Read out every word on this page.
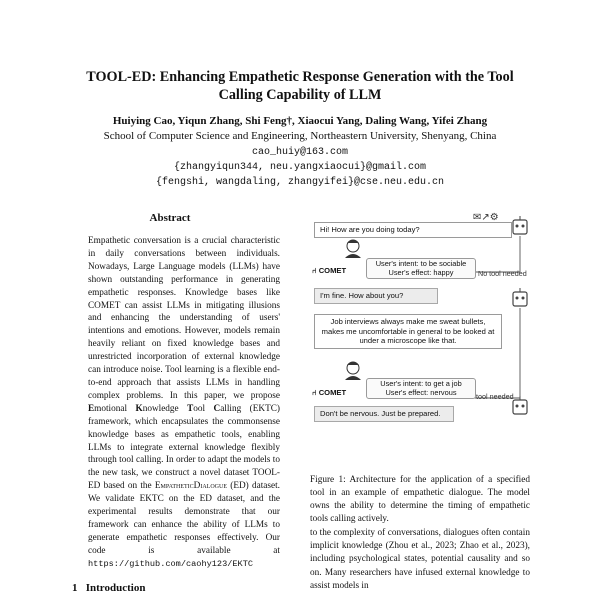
TOOL-ED: Enhancing Empathetic Response Generation with the Tool
Calling Capability of LLM
Huiying Cao, Yiqun Zhang, Shi Feng†, Xiaocui Yang, Daling Wang, Yifei Zhang
School of Computer Science and Engineering, Northeastern University, Shenyang, China
cao_huiy@163.com
{zhangyiqun344, neu.yangxiaocui}@gmail.com
{fengshi, wangdaling, zhangyifei}@cse.neu.edu.cn
Abstract

Empathetic conversation is a crucial characteristic in daily conversations between individuals. Nowadays, Large Language models (LLMs) have shown outstanding performance in generating empathetic responses. Knowledge bases like COMET can assist LLMs in mitigating illusions and enhancing the understanding of users' intentions and emotions. However, models remain heavily reliant on fixed knowledge bases and unrestricted incorporation of external knowledge can introduce noise. Tool learning is a flexible end-to-end approach that assists LLMs in handling complex problems. In this paper, we propose Emotional Knowledge Tool Calling (EKTC) framework, which encapsulates the commonsense knowledge bases as empathetic tools, enabling LLMs to integrate external knowledge flexibly through tool calling. In order to adapt the models to the new task, we construct a novel dataset TOOL-ED based on the EmpatheticDialogue (ED) dataset. We validate EKTC on the ED dataset, and the experimental results demonstrate that our framework can enhance the ability of LLMs to generate empathetic responses effectively. Our code is available at https://github.com/caohy123/EKTC

1 Introduction
Hi! How are you doing today?
✉↗⚙
⑁ COMET
User's intent: to be sociable
User's effect: happy	No tool needed
I'm fine. How about you?
Job interviews always make me sweat bullets, makes me uncomfortable in general to be looked at under a microscope like that.
⑁ COMET
User's intent: to get a job
User's effect: nervous	tool needed
Don't be nervous. Just be prepared.
Figure 1: Architecture for the application of a specified tool in an example of empathetic dialogue. The model owns the ability to determine the timing of empathetic tools calling actively.
to the complexity of conversations, dialogues often contain implicit knowledge (Zhou et al., 2023; Zhao et al., 2023), including psychological states, potential causality and so on. Many researchers have infused external knowledge to assist models in
